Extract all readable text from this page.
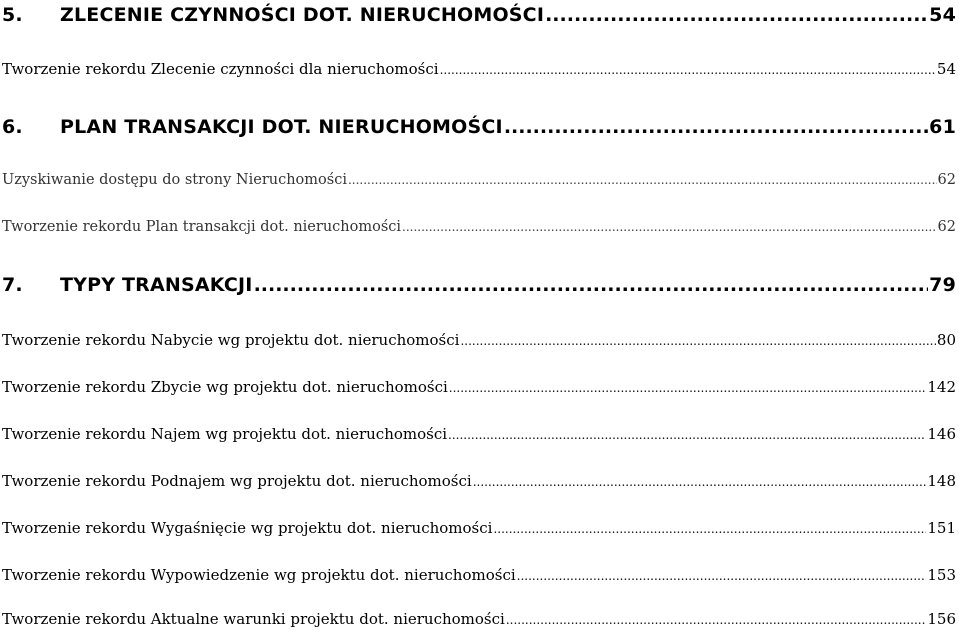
5. ZLECENIE CZYNNOŚCI DOT. NIERUCHOMOŚCI .....	54
Tworzenie rekordu Zlecenie czynności dla nieruchomości .....	54
6. PLAN TRANSAKCJI DOT. NIERUCHOMOŚCI .....	61
Uzyskiwanie dostępu do strony Nieruchomości .....	62
Tworzenie rekordu Plan transakcji dot. nieruchomości .....	62
7. TYPY TRANSAKCJI .....	79
Tworzenie rekordu Nabycie wg projektu dot. nieruchomości .....	80
Tworzenie rekordu Zbycie wg projektu dot. nieruchomości .....	142
Tworzenie rekordu Najem wg projektu dot. nieruchomości .....	146
Tworzenie rekordu Podnajem wg projektu dot. nieruchomości .....	148
Tworzenie rekordu Wygaśnięcie wg projektu dot. nieruchomości .....	151
Tworzenie rekordu Wypowiedzenie wg projektu dot. nieruchomości .....	153
Tworzenie rekordu Aktualne warunki projektu dot. nieruchomości .....	156
